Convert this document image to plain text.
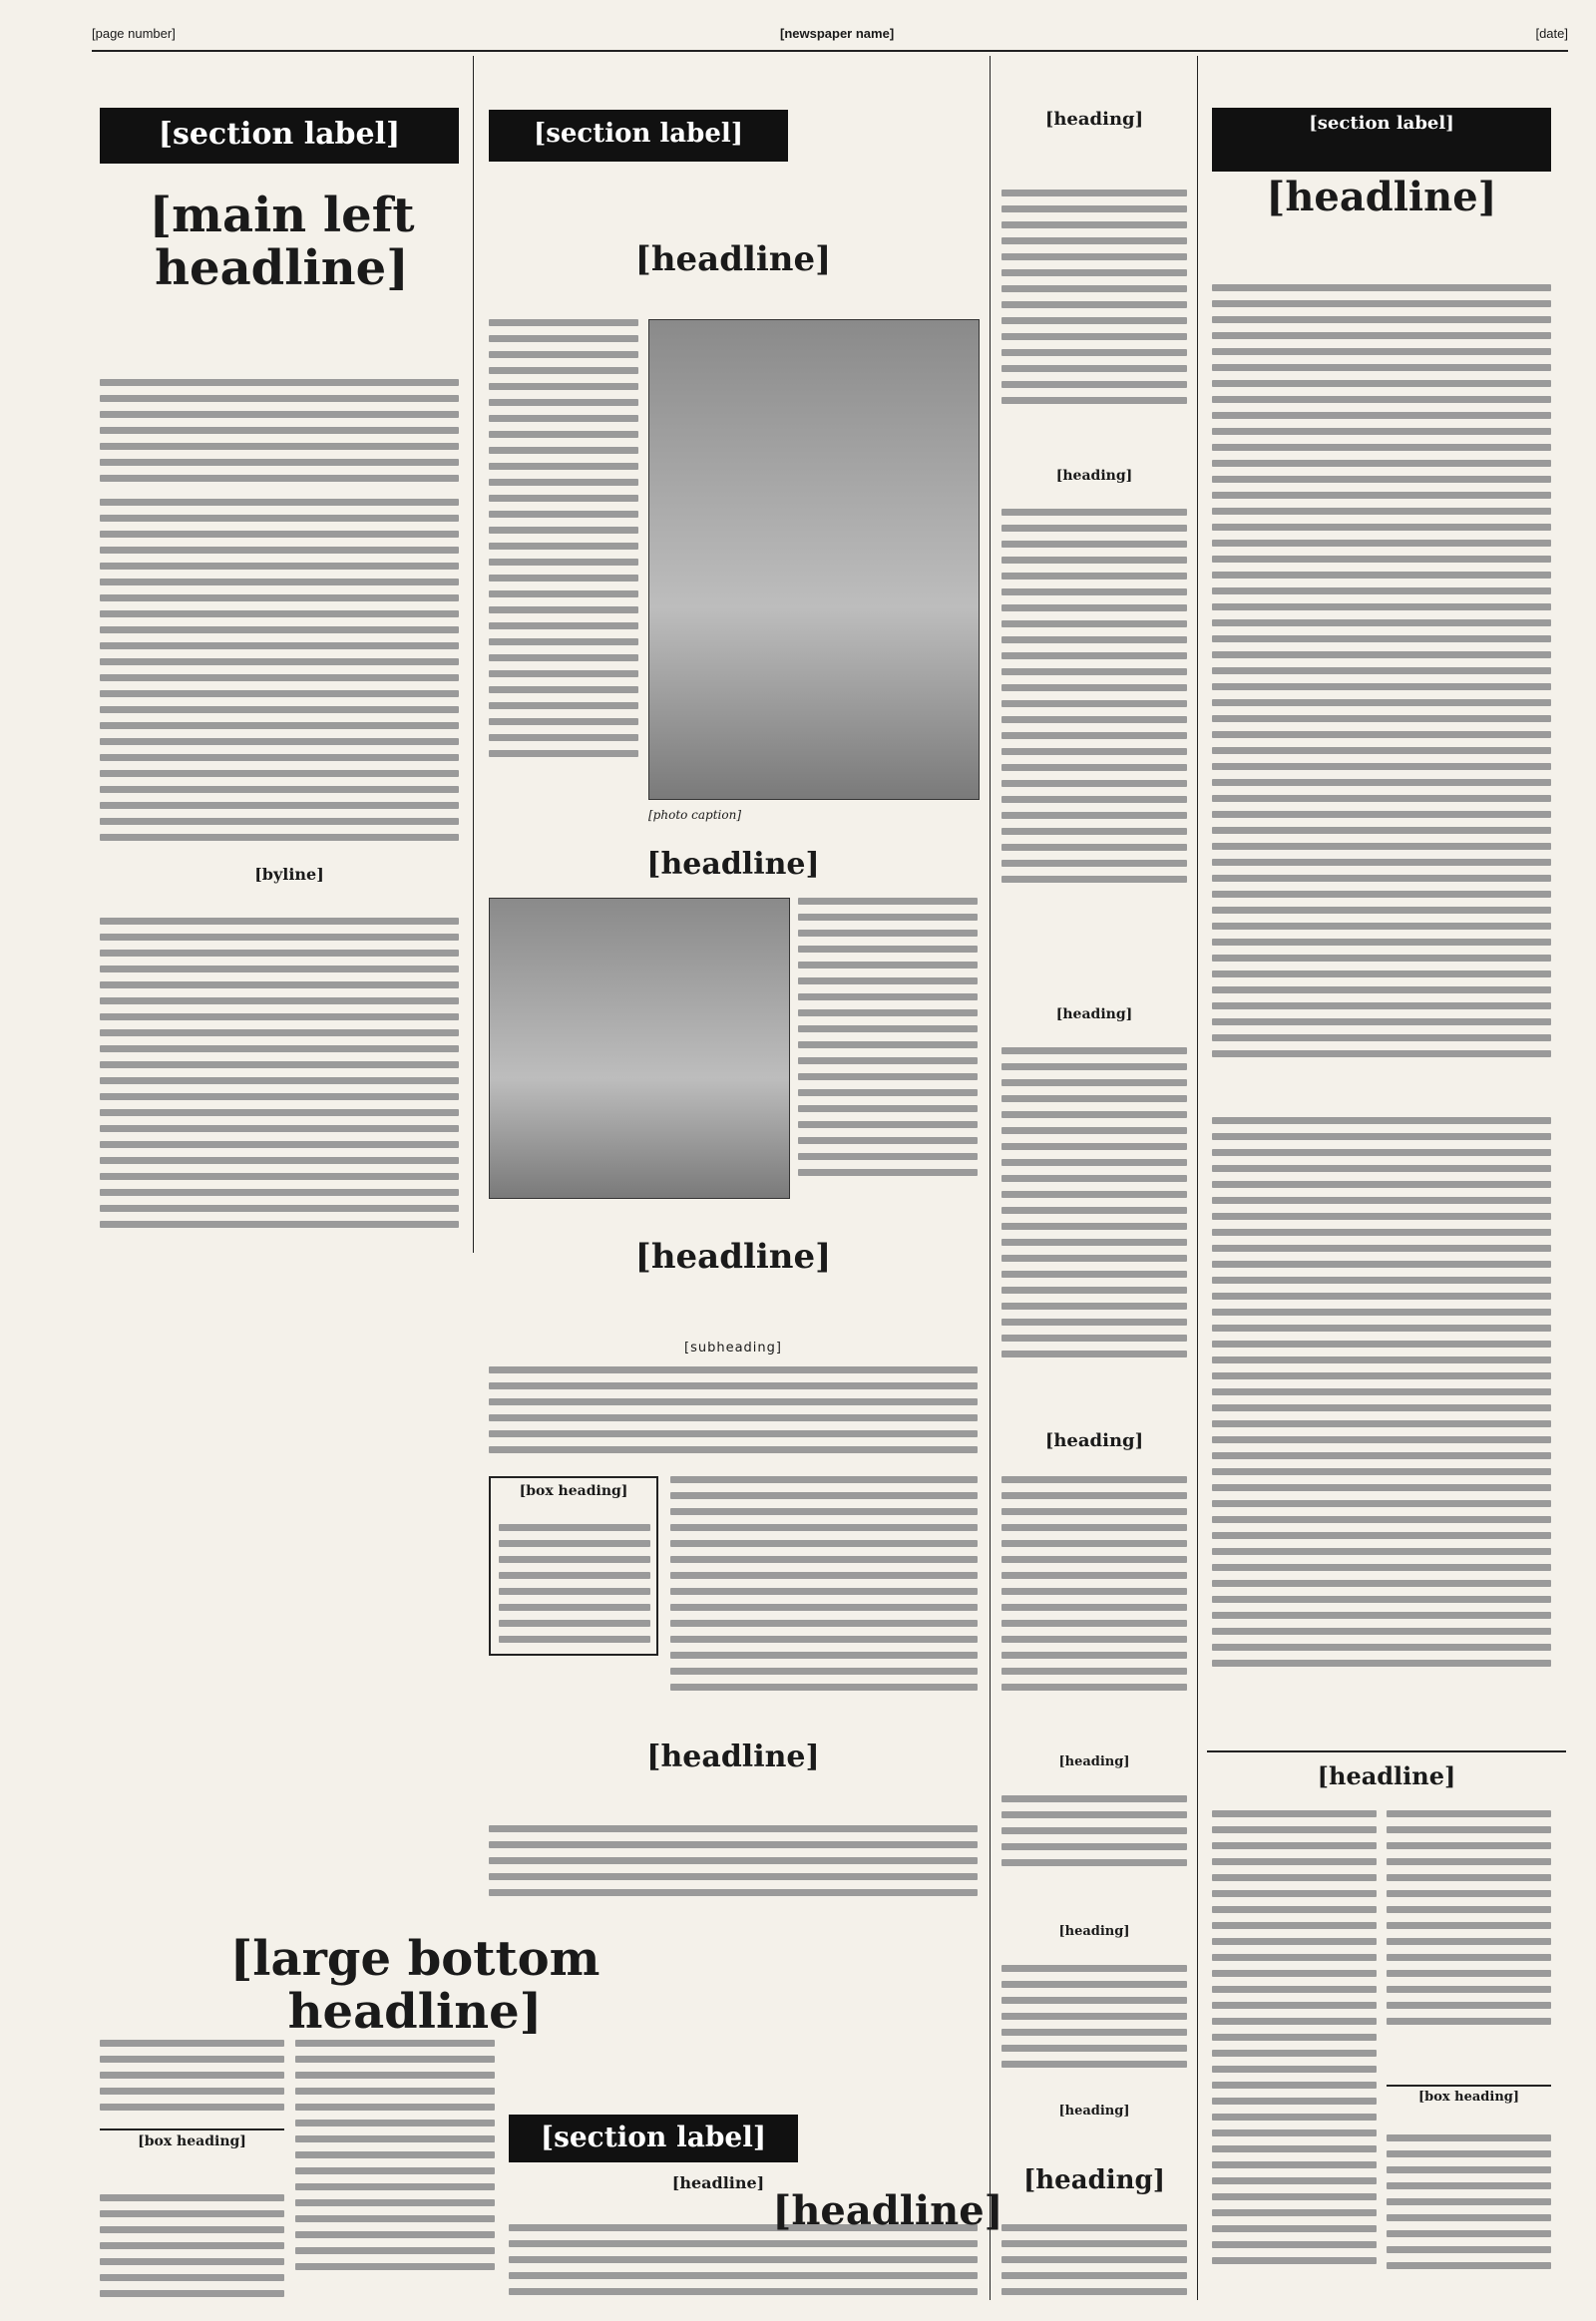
[page number]	[newspaper name]	[date]
[section label]
[main left headline]
[byline]
[section label]
[headline]
[photo caption]
[headline]
[headline]
[subheading]
[box heading]
[headline]
[large bottom headline]
[box heading]	[section label]
[headline]
[heading]
[heading]
[heading]
[heading]
[heading]
[heading]
[heading]
[heading]
[section label]
[headline]
[headline]
[box heading]
[headline]
